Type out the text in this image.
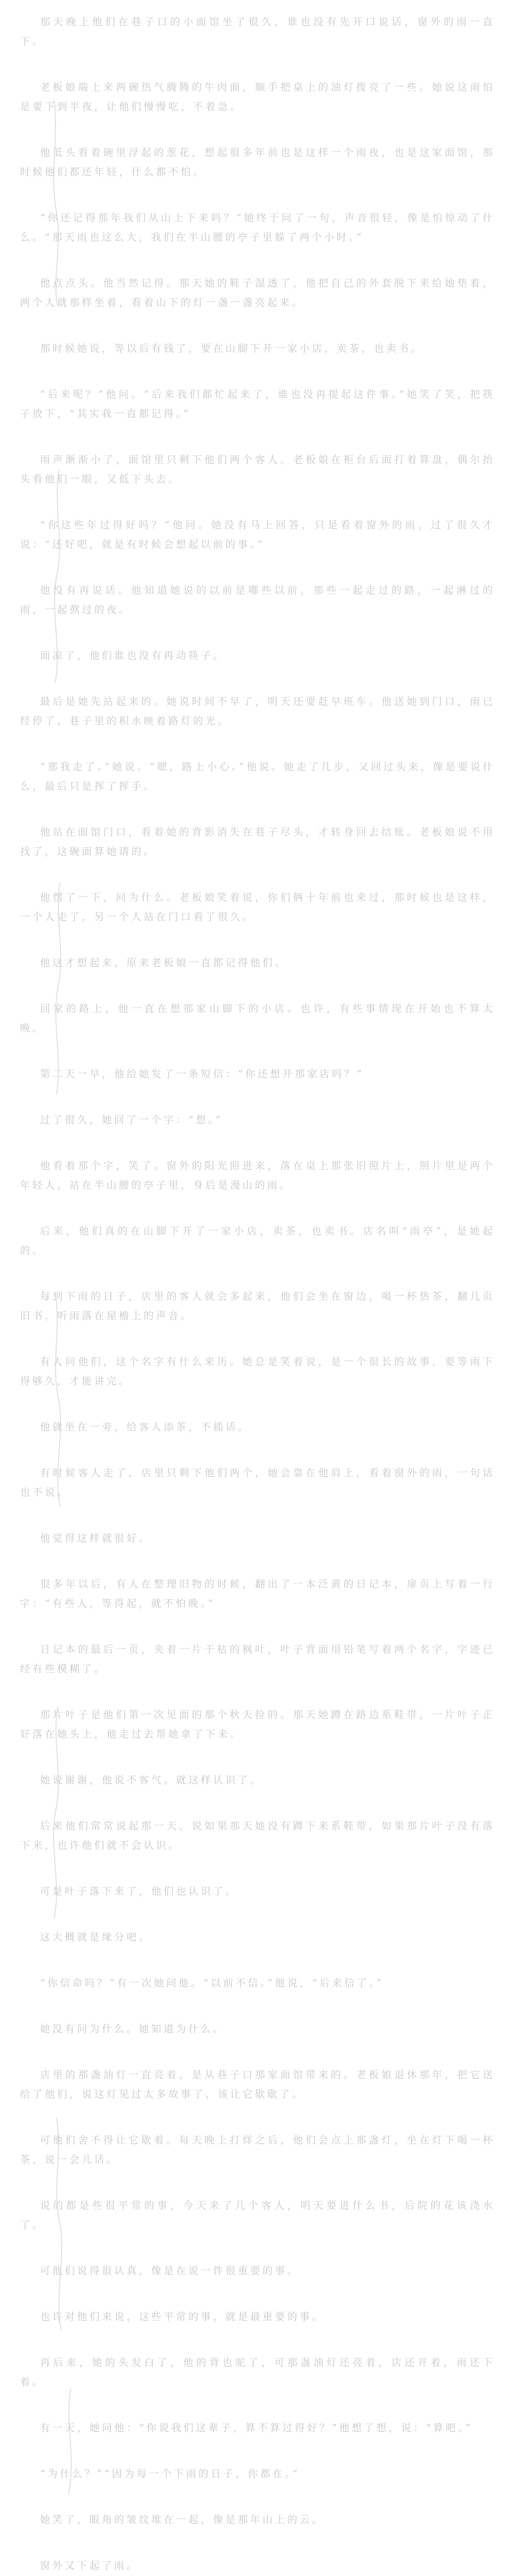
那天晚上他们在巷子口的小面馆坐了很久，谁也没有先开口说话，窗外的雨一直下。

老板娘端上来两碗热气腾腾的牛肉面，顺手把桌上的油灯拨亮了一些。她说这雨怕是要下到半夜，让他们慢慢吃，不着急。

他低头看着碗里浮起的葱花，想起很多年前也是这样一个雨夜，也是这家面馆，那时候他们都还年轻，什么都不怕。

“你还记得那年我们从山上下来吗？”她终于问了一句，声音很轻，像是怕惊动了什么。“那天雨也这么大，我们在半山腰的亭子里躲了两个小时。”

他点点头。他当然记得。那天她的鞋子湿透了，他把自己的外套脱下来给她垫着，两个人就那样坐着，看着山下的灯一盏一盏亮起来。

那时候她说，等以后有钱了，要在山脚下开一家小店，卖茶，也卖书。

“后来呢？”他问。“后来我们都忙起来了，谁也没再提起这件事。”她笑了笑，把筷子放下，“其实我一直都记得。”

雨声渐渐小了，面馆里只剩下他们两个客人。老板娘在柜台后面打着算盘，偶尔抬头看他们一眼，又低下头去。

“你这些年过得好吗？”他问。她没有马上回答，只是看着窗外的雨，过了很久才说：“还好吧，就是有时候会想起以前的事。”

他没有再说话。他知道她说的以前是哪些以前，那些一起走过的路，一起淋过的雨，一起熬过的夜。

面凉了，他们谁也没有再动筷子。

最后是她先站起来的。她说时间不早了，明天还要赶早班车。他送她到门口，雨已经停了，巷子里的积水映着路灯的光。

“那我走了。”她说。“嗯，路上小心。”他说。她走了几步，又回过头来，像是要说什么，最后只是挥了挥手。

他站在面馆门口，看着她的背影消失在巷子尽头，才转身回去结账。老板娘说不用找了，这碗面算她请的。

他愣了一下，问为什么。老板娘笑着说，你们俩十年前也来过，那时候也是这样，一个人走了，另一个人站在门口看了很久。

他这才想起来，原来老板娘一直都记得他们。

回家的路上，他一直在想那家山脚下的小店。也许，有些事情现在开始也不算太晚。

第二天一早，他给她发了一条短信：“你还想开那家店吗？”

过了很久，她回了一个字：“想。”

他看着那个字，笑了。窗外的阳光照进来，落在桌上那张旧照片上，照片里是两个年轻人，站在半山腰的亭子里，身后是漫山的雨。

后来，他们真的在山脚下开了一家小店，卖茶，也卖书。店名叫“雨亭”，是她起的。

每到下雨的日子，店里的客人就会多起来，他们会坐在窗边，喝一杯热茶，翻几页旧书，听雨落在屋檐上的声音。

有人问他们，这个名字有什么来历。她总是笑着说，是一个很长的故事，要等雨下得够久，才能讲完。

他就坐在一旁，给客人添茶，不插话。

有时候客人走了，店里只剩下他们两个，她会靠在他肩上，看着窗外的雨，一句话也不说。

他觉得这样就很好。

很多年以后，有人在整理旧物的时候，翻出了一本泛黄的日记本，扉页上写着一行字：“有些人，等得起，就不怕晚。”

日记本的最后一页，夹着一片干枯的枫叶，叶子背面用铅笔写着两个名字，字迹已经有些模糊了。

那片叶子是他们第一次见面的那个秋天捡的。那天她蹲在路边系鞋带，一片叶子正好落在她头上，他走过去帮她拿了下来。

她说谢谢，他说不客气。就这样认识了。

后来他们常常说起那一天，说如果那天她没有蹲下来系鞋带，如果那片叶子没有落下来，也许他们就不会认识。

可是叶子落下来了，他们也认识了。

这大概就是缘分吧。

“你信命吗？”有一次她问他。“以前不信。”他说，“后来信了。”

她没有问为什么。她知道为什么。

店里的那盏油灯一直亮着，是从巷子口那家面馆带来的。老板娘退休那年，把它送给了他们，说这灯见过太多故事了，该让它歇歇了。

可他们舍不得让它歇着。每天晚上打烊之后，他们会点上那盏灯，坐在灯下喝一杯茶，说一会儿话。

说的都是些很平常的事，今天来了几个客人，明天要进什么书，后院的花该浇水了。

可他们说得很认真，像是在说一件很重要的事。

也许对他们来说，这些平常的事，就是最重要的事。

再后来，她的头发白了，他的背也驼了，可那盏油灯还亮着，店还开着，雨还下着。

有一天，她问他：“你说我们这辈子，算不算过得好？”他想了想，说：“算吧。”

“为什么？”“因为每一个下雨的日子，你都在。”

她笑了，眼角的皱纹堆在一起，像是那年山上的云。

窗外又下起了雨。
